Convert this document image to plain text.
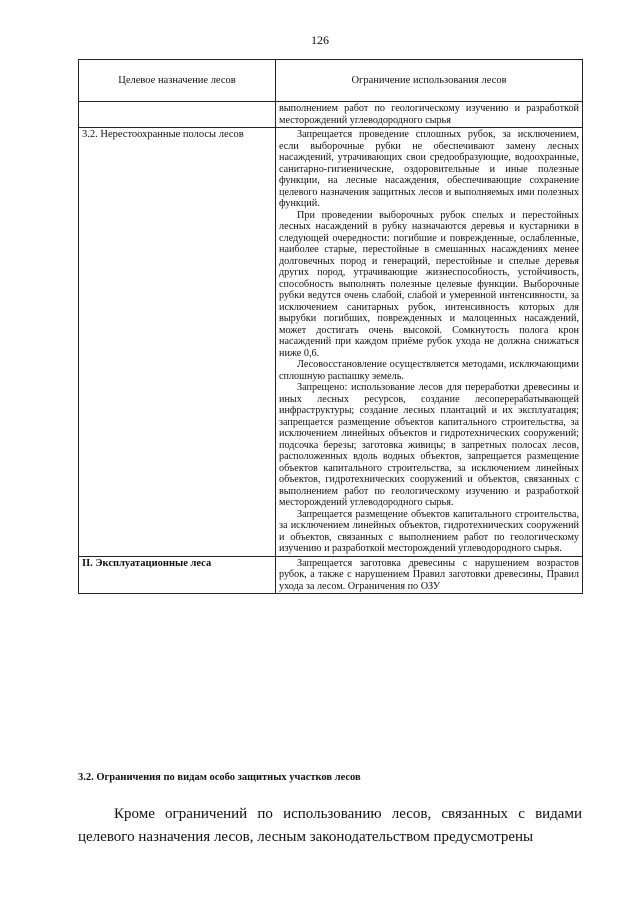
126
Целевое назначение лесов	Ограничение использования лесов

	выполнением работ по геологическому изучению и разработкой месторождений углеводородного сырья

3.2. Нерестоохранные полосы лесов	Запрещается проведение сплошных рубок, за исключением, если выборочные рубки не обеспечивают замену лесных насаждений, утрачивающих свои средообразующие, водоохранные, санитарно-гигиенические, оздоровительные и иные полезные функции, на лесные насаждения, обеспечивающие сохранение целевого назначения защитных лесов и выполняемых ими полезных функций.

При проведении выборочных рубок спелых и перестойных лесных насаждений в рубку назначаются деревья и кустарники в следующей очередности: погибшие и поврежденные, ослабленные, наиболее старые, перестойные в смешанных насаждениях менее долговечных пород и генераций, перестойные и спелые деревья других пород, утрачивающие жизнеспособность, устойчивость, способность выполнять полезные целевые функции. Выборочные рубки ведутся очень слабой, слабой и умеренной интенсивности, за исключением санитарных рубок, интенсивность которых для вырубки погибших, поврежденных и малоценных насаждений, может достигать очень высокой. Сомкнутость полога крон насаждений при каждом приёме рубок ухода не должна снижаться ниже 0,6.

Лесовосстановление осуществляется методами, исключающими сплошную распашку земель.

Запрещено: использование лесов для переработки древесины и иных лесных ресурсов, создание лесоперерабатывающей инфраструктуры; создание лесных плантаций и их эксплуатация; запрещается размещение объектов капитального строительства, за исключением линейных объектов и гидротехнических сооружений; подсочка березы; заготовка живицы; в запретных полосах лесов, расположенных вдоль водных объектов, запрещается размещение объектов капитального строительства, за исключением линейных объектов, гидротехнических сооружений и объектов, связанных с выполнением работ по геологическому изучению и разработкой месторождений углеводородного сырья.

Запрещается размещение объектов капитального строительства, за исключением линейных объектов, гидротехнических сооружений и объектов, связанных с выполнением работ по геологическому изучению и разработкой месторождений углеводородного сырья.

II. Эксплуатационные леса	Запрещается заготовка древесины с нарушением возрастов рубок, а также с нарушением Правил заготовки древесины, Правил ухода за лесом. Ограничения по ОЗУ

3.2. Ограничения по видам особо защитных участков лесов

Кроме ограничений по использованию лесов, связанных с видами целевого назначения лесов, лесным законодательством предусмотрены
